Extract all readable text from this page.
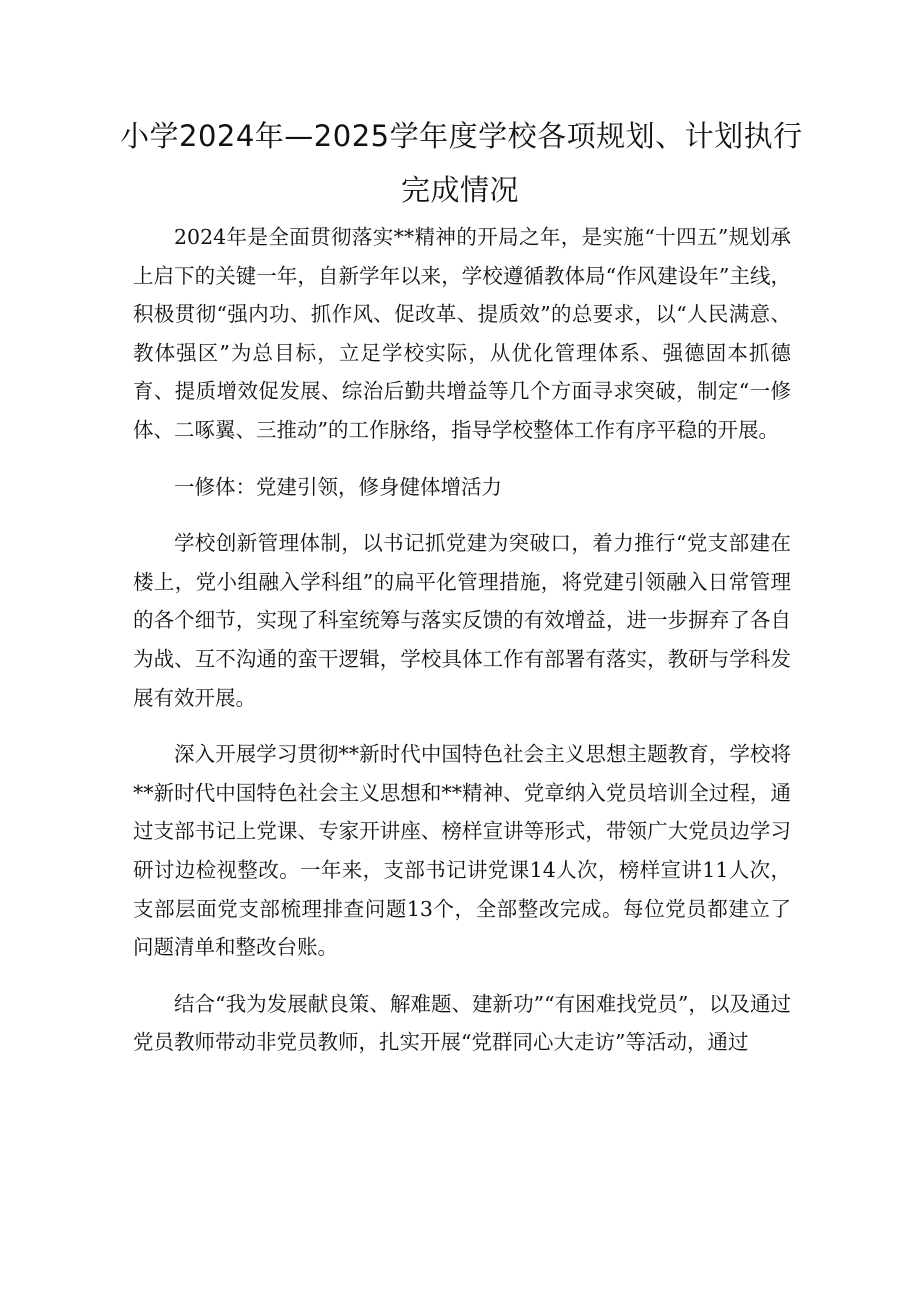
小学2024年—2025学年度学校各项规划、计划执行
完成情况

2024年是全面贯彻落实**精神的开局之年，是实施“十四五”规划承上启下的关键一年，自新学年以来，学校遵循教体局“作风建设年”主线，积极贯彻“强内功、抓作风、促改革、提质效”的总要求，以“人民满意、教体强区”为总目标，立足学校实际，从优化管理体系、强德固本抓德育、提质增效促发展、综治后勤共增益等几个方面寻求突破，制定“一修体、二啄翼、三推动”的工作脉络，指导学校整体工作有序平稳的开展。

一修体：党建引领，修身健体增活力

学校创新管理体制，以书记抓党建为突破口，着力推行“党支部建在楼上，党小组融入学科组”的扁平化管理措施，将党建引领融入日常管理的各个细节，实现了科室统筹与落实反馈的有效增益，进一步摒弃了各自为战、互不沟通的蛮干逻辑，学校具体工作有部署有落实，教研与学科发展有效开展。

深入开展学习贯彻**新时代中国特色社会主义思想主题教育，学校将**新时代中国特色社会主义思想和**精神、党章纳入党员培训全过程，通过支部书记上党课、专家开讲座、榜样宣讲等形式，带领广大党员边学习研讨边检视整改。一年来，支部书记讲党课14人次，榜样宣讲11人次，支部层面党支部梳理排查问题13个，全部整改完成。每位党员都建立了问题清单和整改台账。

结合“我为发展献良策、解难题、建新功”“有困难找党员”，以及通过党员教师带动非党员教师，扎实开展“党群同心大走访”等活动，通过
